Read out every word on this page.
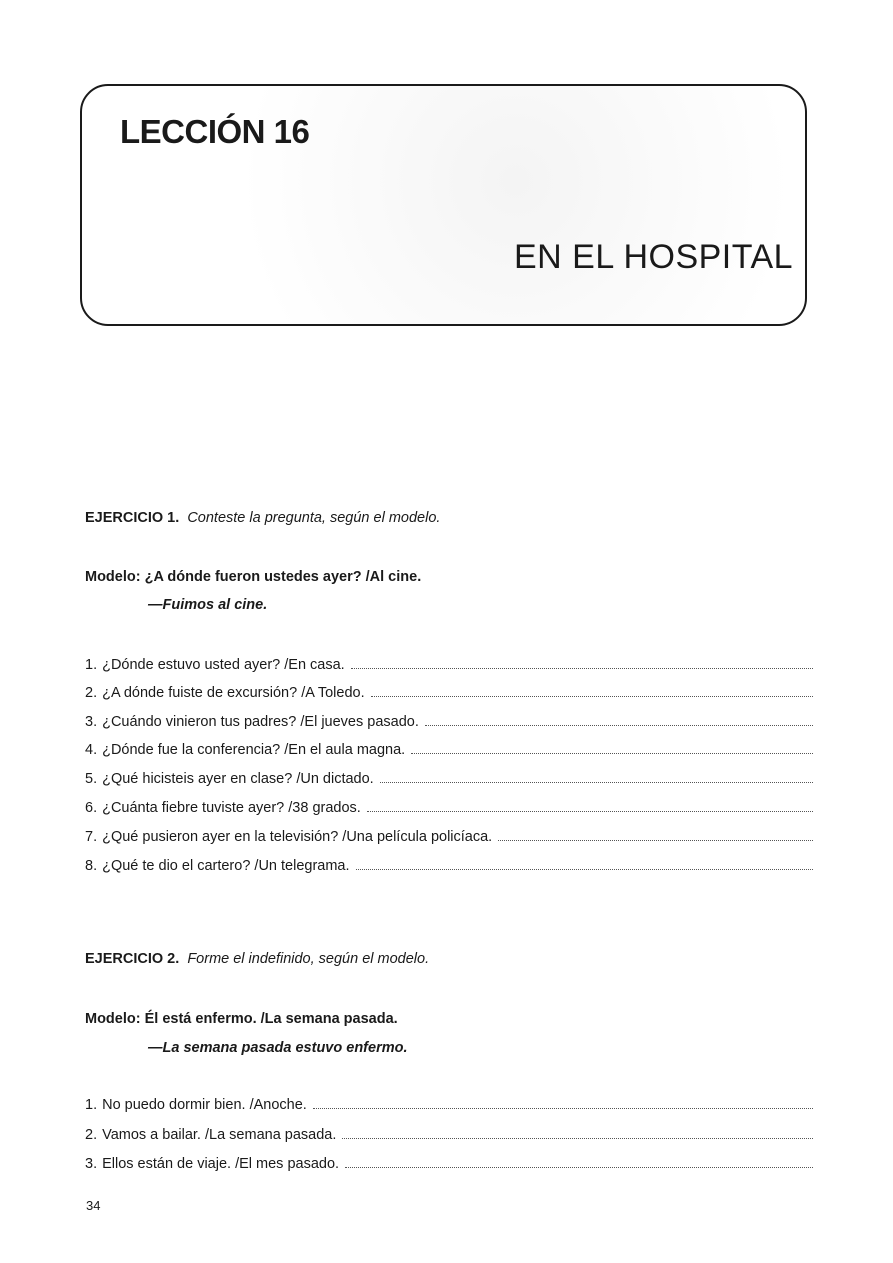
LECCIÓN 16
EN EL HOSPITAL
EJERCICIO 1. Conteste la pregunta, según el modelo.
Modelo: ¿A dónde fueron ustedes ayer? /Al cine.
—Fuimos al cine.
1. ¿Dónde estuvo usted ayer? /En casa.
2. ¿A dónde fuiste de excursión? /A Toledo.
3. ¿Cuándo vinieron tus padres? /El jueves pasado.
4. ¿Dónde fue la conferencia? /En el aula magna.
5. ¿Qué hicisteis ayer en clase? /Un dictado.
6. ¿Cuánta fiebre tuviste ayer? /38 grados.
7. ¿Qué pusieron ayer en la televisión? /Una película policíaca.
8. ¿Qué te dio el cartero? /Un telegrama.
EJERCICIO 2. Forme el indefinido, según el modelo.
Modelo: Él está enfermo. /La semana pasada.
—La semana pasada estuvo enfermo.
1. No puedo dormir bien. /Anoche.
2. Vamos a bailar. /La semana pasada.
3. Ellos están de viaje. /El mes pasado.
34
